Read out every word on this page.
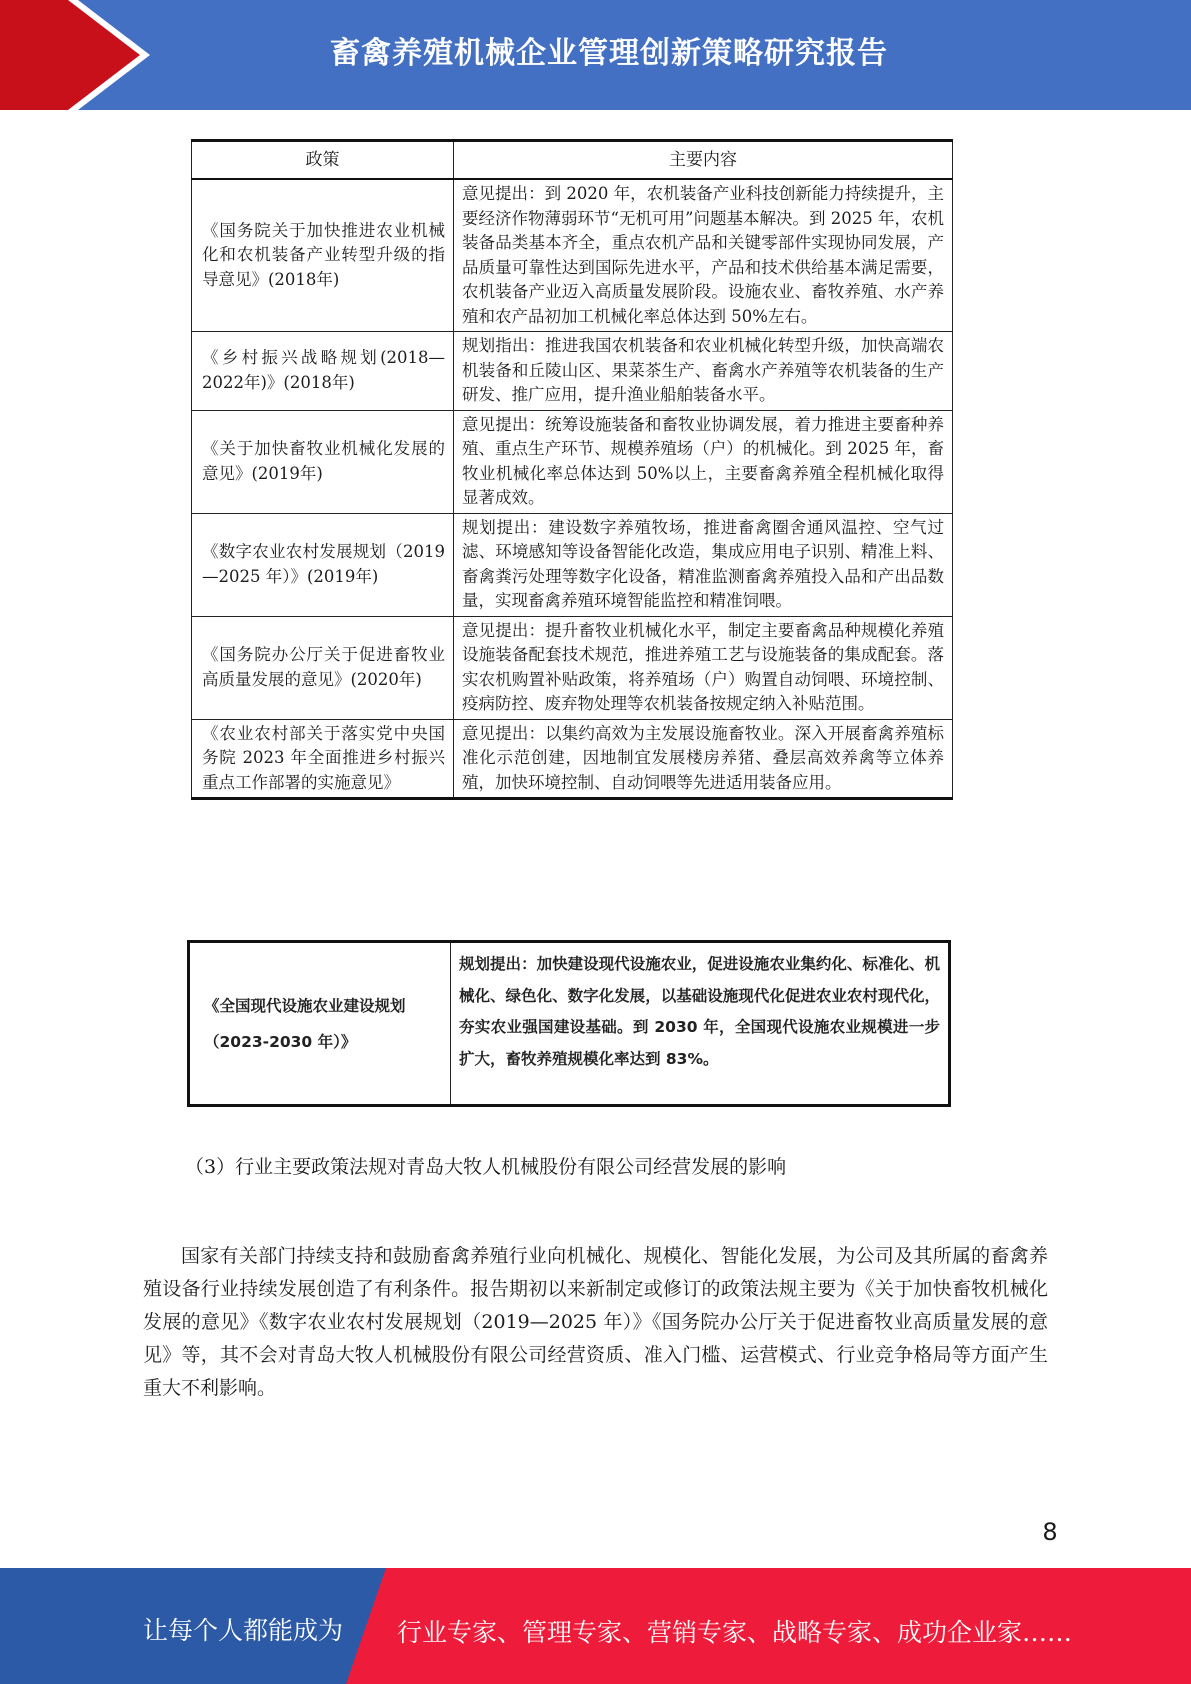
畜禽养殖机械企业管理创新策略研究报告
政策	主要内容
《国务院关于加快推进农业机械化和农机装备产业转型升级的指导意见》(2018年)	意见提出：到 2020 年，农机装备产业科技创新能力持续提升，主要经济作物薄弱环节“无机可用”问题基本解决。到 2025 年，农机装备品类基本齐全，重点农机产品和关键零部件实现协同发展，产品质量可靠性达到国际先进水平，产品和技术供给基本满足需要，农机装备产业迈入高质量发展阶段。设施农业、畜牧养殖、水产养殖和农产品初加工机械化率总体达到 50%左右。
《乡村振兴战略规划(2018—2022年)》(2018年)	规划指出：推进我国农机装备和农业机械化转型升级，加快高端农机装备和丘陵山区、果菜茶生产、畜禽水产养殖等农机装备的生产研发、推广应用，提升渔业船舶装备水平。
《关于加快畜牧业机械化发展的意见》(2019年)	意见提出：统筹设施装备和畜牧业协调发展，着力推进主要畜种养殖、重点生产环节、规模养殖场（户）的机械化。到 2025 年，畜牧业机械化率总体达到 50%以上，主要畜禽养殖全程机械化取得显著成效。
《数字农业农村发展规划（2019—2025 年）》(2019年)	规划提出：建设数字养殖牧场，推进畜禽圈舍通风温控、空气过滤、环境感知等设备智能化改造，集成应用电子识别、精准上料、畜禽粪污处理等数字化设备，精准监测畜禽养殖投入品和产出品数量，实现畜禽养殖环境智能监控和精准饲喂。
《国务院办公厅关于促进畜牧业高质量发展的意见》(2020年)	意见提出：提升畜牧业机械化水平，制定主要畜禽品种规模化养殖设施装备配套技术规范，推进养殖工艺与设施装备的集成配套。落实农机购置补贴政策，将养殖场（户）购置自动饲喂、环境控制、疫病防控、废弃物处理等农机装备按规定纳入补贴范围。
《农业农村部关于落实党中央国务院 2023 年全面推进乡村振兴重点工作部署的实施意见》	意见提出：以集约高效为主发展设施畜牧业。深入开展畜禽养殖标准化示范创建，因地制宜发展楼房养猪、叠层高效养禽等立体养殖，加快环境控制、自动饲喂等先进适用装备应用。
《全国现代设施农业建设规划（2023-2030 年）》	规划提出：加快建设现代设施农业，促进设施农业集约化、标准化、机械化、绿色化、数字化发展，以基础设施现代化促进农业农村现代化，夯实农业强国建设基础。到 2030 年，全国现代设施农业规模进一步扩大，畜牧养殖规模化率达到 83%。
（3）行业主要政策法规对青岛大牧人机械股份有限公司经营发展的影响

国家有关部门持续支持和鼓励畜禽养殖行业向机械化、规模化、智能化发展，为公司及其所属的畜禽养殖设备行业持续发展创造了有利条件。报告期初以来新制定或修订的政策法规主要为《关于加快畜牧机械化发展的意见》《数字农业农村发展规划（2019—2025 年）》《国务院办公厅关于促进畜牧业高质量发展的意见》等，其不会对青岛大牧人机械股份有限公司经营资质、准入门槛、运营模式、行业竞争格局等方面产生重大不利影响。

8
让每个人都能成为	行业专家、管理专家、营销专家、战略专家、成功企业家……
